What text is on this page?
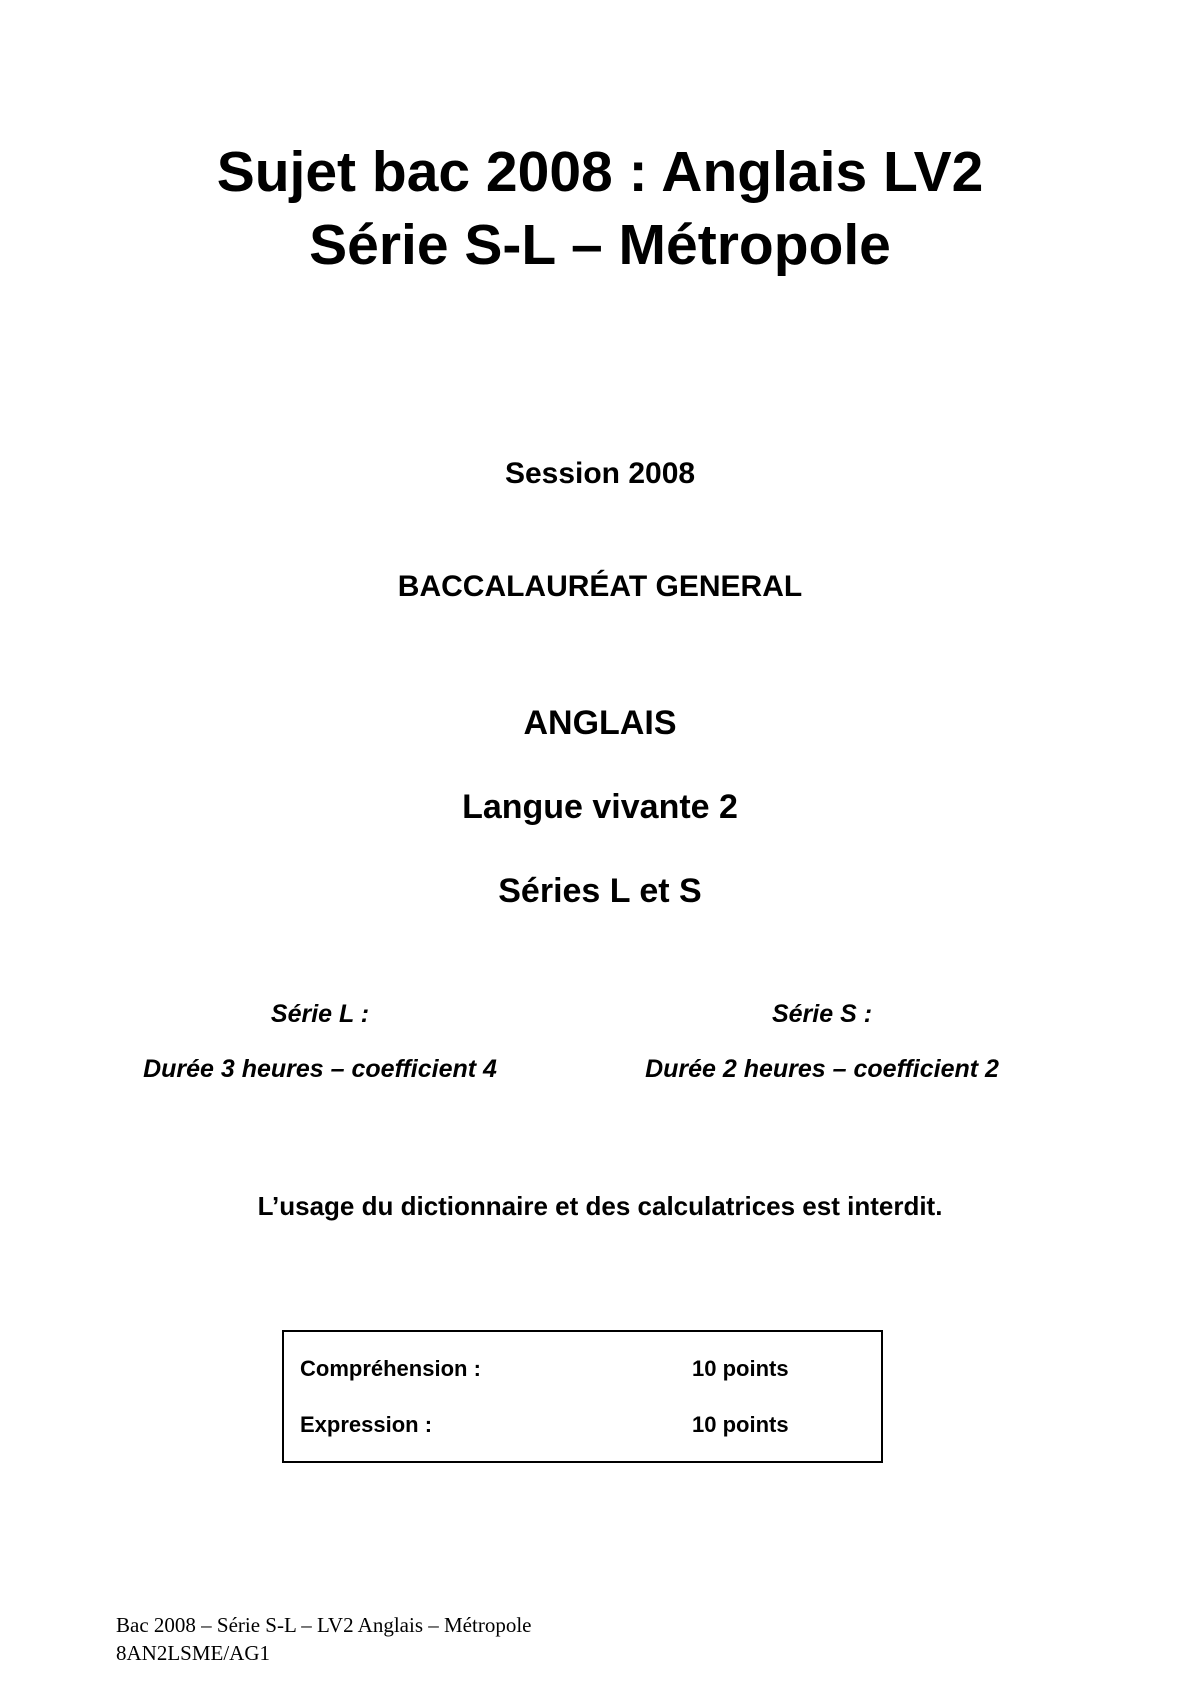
Sujet bac 2008 : Anglais LV2
Série S-L – Métropole
Session 2008
BACCALAURÉAT GENERAL
ANGLAIS
Langue vivante 2
Séries L et S
Série L :
Durée 3 heures – coefficient 4
Série S :
Durée 2 heures – coefficient 2
L’usage du dictionnaire et des calculatrices est interdit.
Compréhension :	10 points
Expression :	10 points
Bac 2008 – Série S-L – LV2 Anglais – Métropole
8AN2LSME/AG1
